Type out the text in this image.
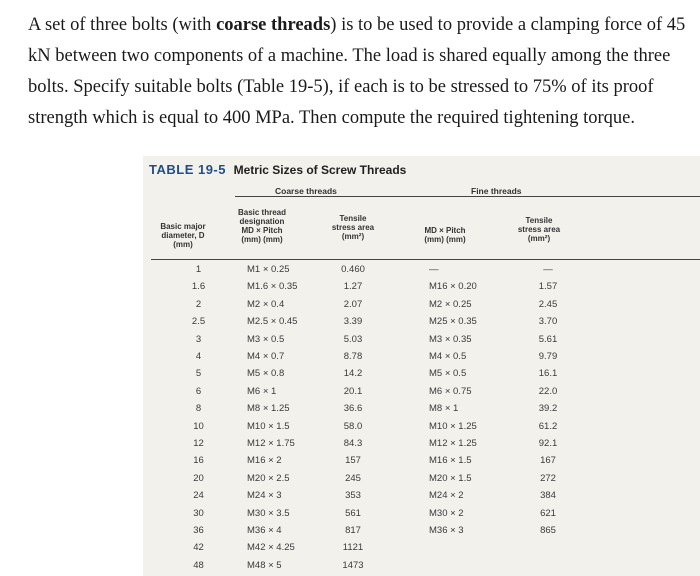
A set of three bolts (with coarse threads) is to be used to provide a clamping force of 45 kN between two components of a machine. The load is shared equally among the three bolts. Specify suitable bolts (Table 19-5), if each is to be stressed to 75% of its proof strength which is equal to 400 MPa. Then compute the required tightening torque.
TABLE 19-5 Metric Sizes of Screw Threads
Coarse threads	Fine threads
Basic major
diameter, D
(mm)
Basic thread
designation
MD × Pitch
(mm) (mm)
Tensile
stress area
(mm²)
MD × Pitch
(mm) (mm)
Tensile
stress area
(mm²)
1	M1 × 0.25	0.460	—	—
1.6	M1.6 × 0.35	1.27	M16 × 0.20	1.57
2	M2 × 0.4	2.07	M2 × 0.25	2.45
2.5	M2.5 × 0.45	3.39	M25 × 0.35	3.70
3	M3 × 0.5	5.03	M3 × 0.35	5.61
4	M4 × 0.7	8.78	M4 × 0.5	9.79
5	M5 × 0.8	14.2	M5 × 0.5	16.1
6	M6 × 1	20.1	M6 × 0.75	22.0
8	M8 × 1.25	36.6	M8 × 1	39.2
10	M10 × 1.5	58.0	M10 × 1.25	61.2
12	M12 × 1.75	84.3	M12 × 1.25	92.1
16	M16 × 2	157	M16 × 1.5	167
20	M20 × 2.5	245	M20 × 1.5	272
24	M24 × 3	353	M24 × 2	384
30	M30 × 3.5	561	M30 × 2	621
36	M36 × 4	817	M36 × 3	865
42	M42 × 4.25	1121
48	M48 × 5	1473
